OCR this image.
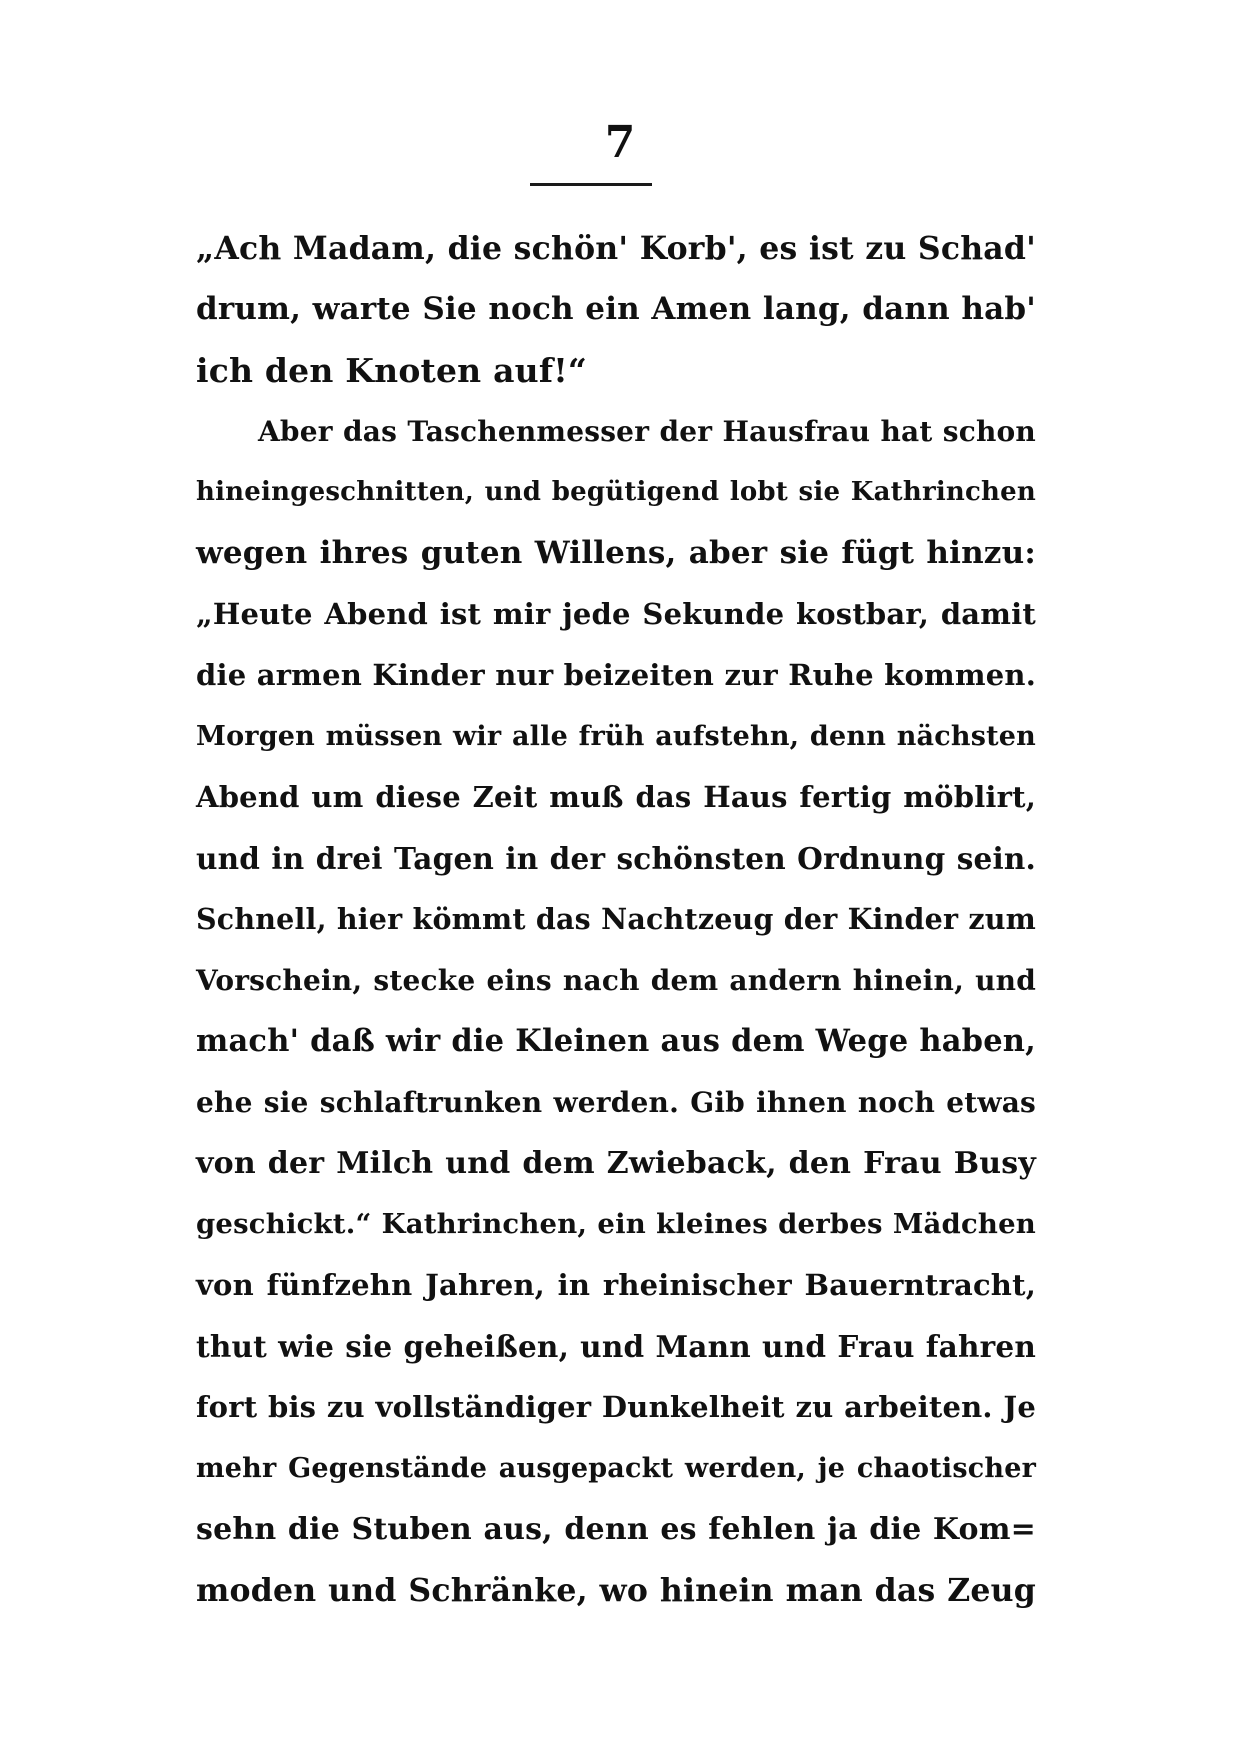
7
„Ach Madam, die schön' Korb', es ist zu Schad'
drum, warte Sie noch ein Amen lang, dann hab'
ich den Knoten auf!“
Aber das Taschenmesser der Hausfrau hat schon
hineingeschnitten, und begütigend lobt sie Kathrinchen
wegen ihres guten Willens, aber sie fügt hinzu:
„Heute Abend ist mir jede Sekunde kostbar, damit
die armen Kinder nur beizeiten zur Ruhe kommen.
Morgen müssen wir alle früh aufstehn, denn nächsten
Abend um diese Zeit muß das Haus fertig möblirt,
und in drei Tagen in der schönsten Ordnung sein.
Schnell, hier kömmt das Nachtzeug der Kinder zum
Vorschein, stecke eins nach dem andern hinein, und
mach' daß wir die Kleinen aus dem Wege haben,
ehe sie schlaftrunken werden. Gib ihnen noch etwas
von der Milch und dem Zwieback, den Frau Busy
geschickt.“ Kathrinchen, ein kleines derbes Mädchen
von fünfzehn Jahren, in rheinischer Bauerntracht,
thut wie sie geheißen, und Mann und Frau fahren
fort bis zu vollständiger Dunkelheit zu arbeiten. Je
mehr Gegenstände ausgepackt werden, je chaotischer
sehn die Stuben aus, denn es fehlen ja die Kom=
moden und Schränke, wo hinein man das Zeug
